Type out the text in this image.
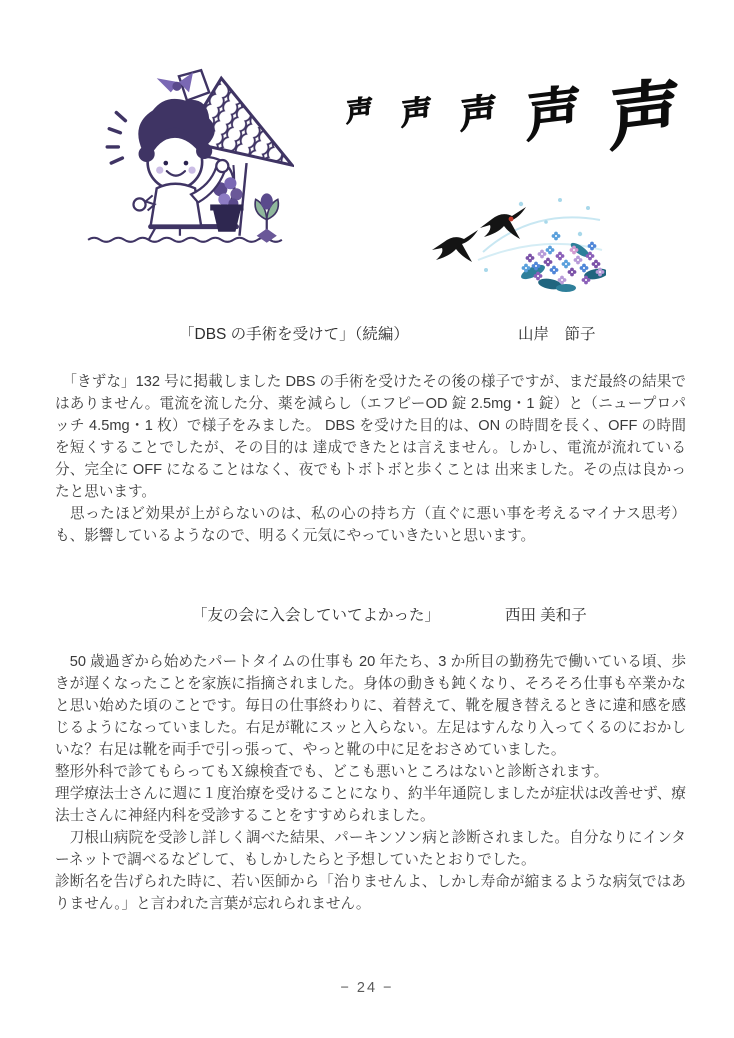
声 声 声 声 声
「DBS の手術を受けて」（続編）	山岸　節子

　「きずな」132 号に掲載しました DBS の手術を受けたその後の様子ですが、まだ最終の結果ではありません。電流を流した分、薬を減らし（エフピーOD 錠 2.5mg・1 錠）と（ニュープロパッチ 4.5mg・1 枚）で様子をみました。 DBS を受けた目的は、ON の時間を長く、OFF の時間を短くすることでしたが、その目的は 達成できたとは言えません。しかし、電流が流れている分、完全に OFF になることはなく、夜でもトボトボと歩くことは 出来ました。その点は良かったと思います。

　思ったほど効果が上がらないのは、私の心の持ち方（直ぐに悪い事を考えるマイナス思考）も、影響しているようなので、明るく元気にやっていきたいと思います。

「友の会に入会していてよかった」	西田 美和子

　50 歳過ぎから始めたパートタイムの仕事も 20 年たち、3 か所目の勤務先で働いている頃、歩きが遅くなったことを家族に指摘されました。身体の動きも鈍くなり、そろそろ仕事も卒業かなと思い始めた頃のことです。毎日の仕事終わりに、着替えて、靴を履き替えるときに違和感を感じるようになっていました。右足が靴にスッと入らない。左足はすんなり入ってくるのにおかしいな？右足は靴を両手で引っ張って、やっと靴の中に足をおさめていました。

整形外科で診てもらってもＸ線検査でも、どこも悪いところはないと診断されます。

理学療法士さんに週に１度治療を受けることになり、約半年通院しましたが症状は改善せず、療法士さんに神経内科を受診することをすすめられました。

　刀根山病院を受診し詳しく調べた結果、パーキンソン病と診断されました。自分なりにインターネットで調べるなどして、もしかしたらと予想していたとおりでした。

診断名を告げられた時に、若い医師から「治りませんよ、しかし寿命が縮まるような病気ではありません。」と言われた言葉が忘れられません。

− 24 −
